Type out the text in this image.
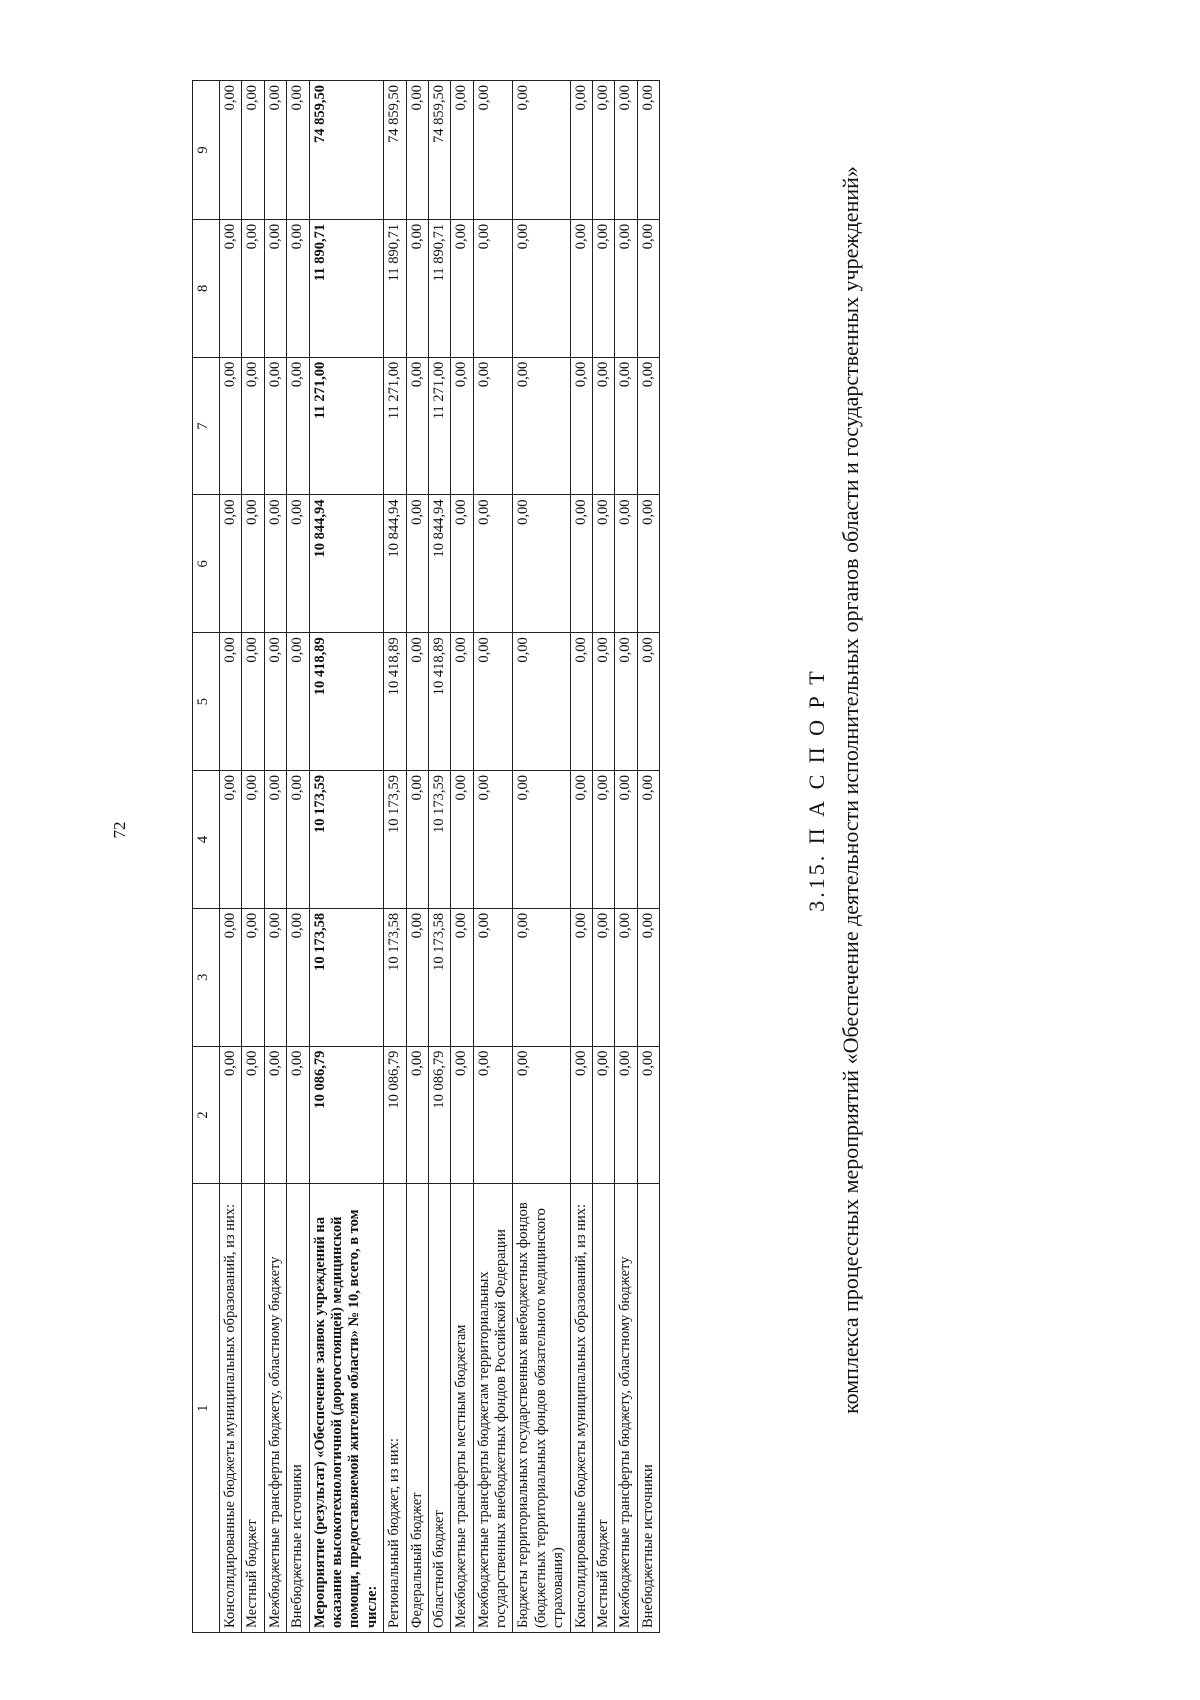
72
1	2	3	4	5	6	7	8	9
Консолидированные бюджеты муниципальных образований, из них:	0,00	0,00	0,00	0,00	0,00	0,00	0,00	0,00
Местный бюджет	0,00	0,00	0,00	0,00	0,00	0,00	0,00	0,00
Межбюджетные трансферты бюджету, областному бюджету	0,00	0,00	0,00	0,00	0,00	0,00	0,00	0,00
Внебюджетные источники	0,00	0,00	0,00	0,00	0,00	0,00	0,00	0,00
Мероприятие (результат) «Обеспечение заявок учреждений на оказание высокотехнологичной (дорогостоящей) медицинской помощи, предоставляемой жителям области» № 10, всего, в том числе:	10 086,79	10 173,58	10 173,59	10 418,89	10 844,94	11 271,00	11 890,71	74 859,50
Региональный бюджет, из них:	10 086,79	10 173,58	10 173,59	10 418,89	10 844,94	11 271,00	11 890,71	74 859,50
Федеральный бюджет	0,00	0,00	0,00	0,00	0,00	0,00	0,00	0,00
Областной бюджет	10 086,79	10 173,58	10 173,59	10 418,89	10 844,94	11 271,00	11 890,71	74 859,50
Межбюджетные трансферты местным бюджетам	0,00	0,00	0,00	0,00	0,00	0,00	0,00	0,00
Межбюджетные трансферты бюджетам территориальных государственных внебюджетных фондов Российской Федерации	0,00	0,00	0,00	0,00	0,00	0,00	0,00	0,00
Бюджеты территориальных государственных внебюджетных фондов (бюджетных территориальных фондов обязательного медицинского страхования)	0,00	0,00	0,00	0,00	0,00	0,00	0,00	0,00
Консолидированные бюджеты муниципальных образований, из них:	0,00	0,00	0,00	0,00	0,00	0,00	0,00	0,00
Местный бюджет	0,00	0,00	0,00	0,00	0,00	0,00	0,00	0,00
Межбюджетные трансферты бюджету, областному бюджету	0,00	0,00	0,00	0,00	0,00	0,00	0,00	0,00
Внебюджетные источники	0,00	0,00	0,00	0,00	0,00	0,00	0,00	0,00
3.15. П А С П О Р Т комплекса процессных мероприятий «Обеспечение деятельности исполнительных органов области и государственных учреждений»
